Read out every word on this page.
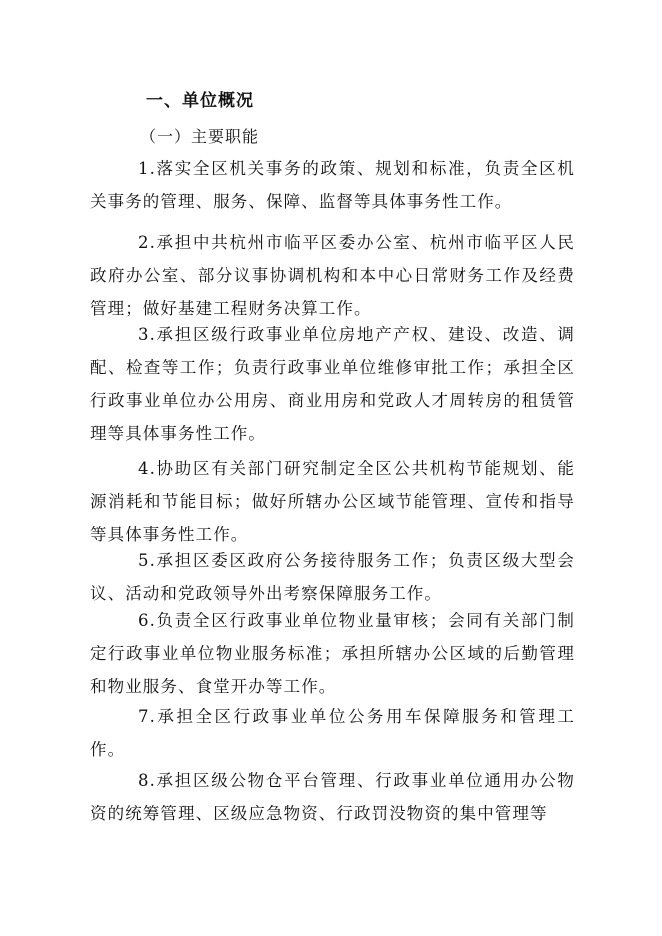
一、单位概况
（一）主要职能

1.落实全区机关事务的政策、规划和标准，负责全区机关事务的管理、服务、保障、监督等具体事务性工作。

2.承担中共杭州市临平区委办公室、杭州市临平区人民政府办公室、部分议事协调机构和本中心日常财务工作及经费管理；做好基建工程财务决算工作。

3.承担区级行政事业单位房地产产权、建设、改造、调配、检查等工作；负责行政事业单位维修审批工作；承担全区行政事业单位办公用房、商业用房和党政人才周转房的租赁管理等具体事务性工作。

4.协助区有关部门研究制定全区公共机构节能规划、能源消耗和节能目标；做好所辖办公区域节能管理、宣传和指导等具体事务性工作。

5.承担区委区政府公务接待服务工作；负责区级大型会议、活动和党政领导外出考察保障服务工作。

6.负责全区行政事业单位物业量审核；会同有关部门制定行政事业单位物业服务标准；承担所辖办公区域的后勤管理和物业服务、食堂开办等工作。

7.承担全区行政事业单位公务用车保障服务和管理工作。

8.承担区级公物仓平台管理、行政事业单位通用办公物资的统筹管理、区级应急物资、行政罚没物资的集中管理等
